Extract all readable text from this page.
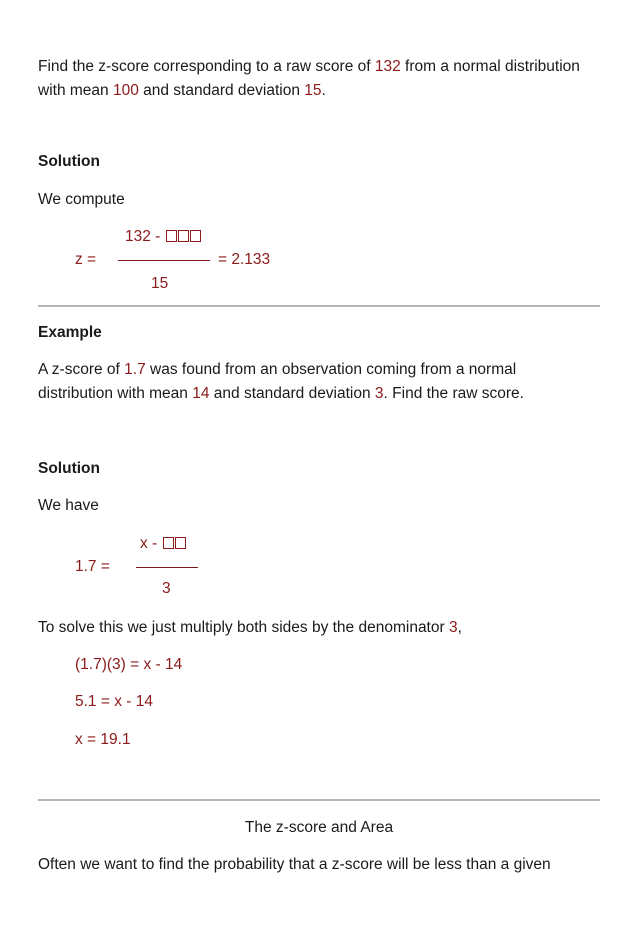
Find the z-score corresponding to a raw score of 132 from a normal distribution
with mean 100 and standard deviation 15.
Solution
We compute
132 -
z =	= 2.133
15
Example
A z-score of 1.7 was found from an observation coming from a normal
distribution with mean 14 and standard deviation 3. Find the raw score.
Solution
We have
x -
1.7 =
3
To solve this we just multiply both sides by the denominator 3,
(1.7)(3) = x - 14
5.1 = x - 14
x = 19.1
The z-score and Area
Often we want to find the probability that a z-score will be less than a given
